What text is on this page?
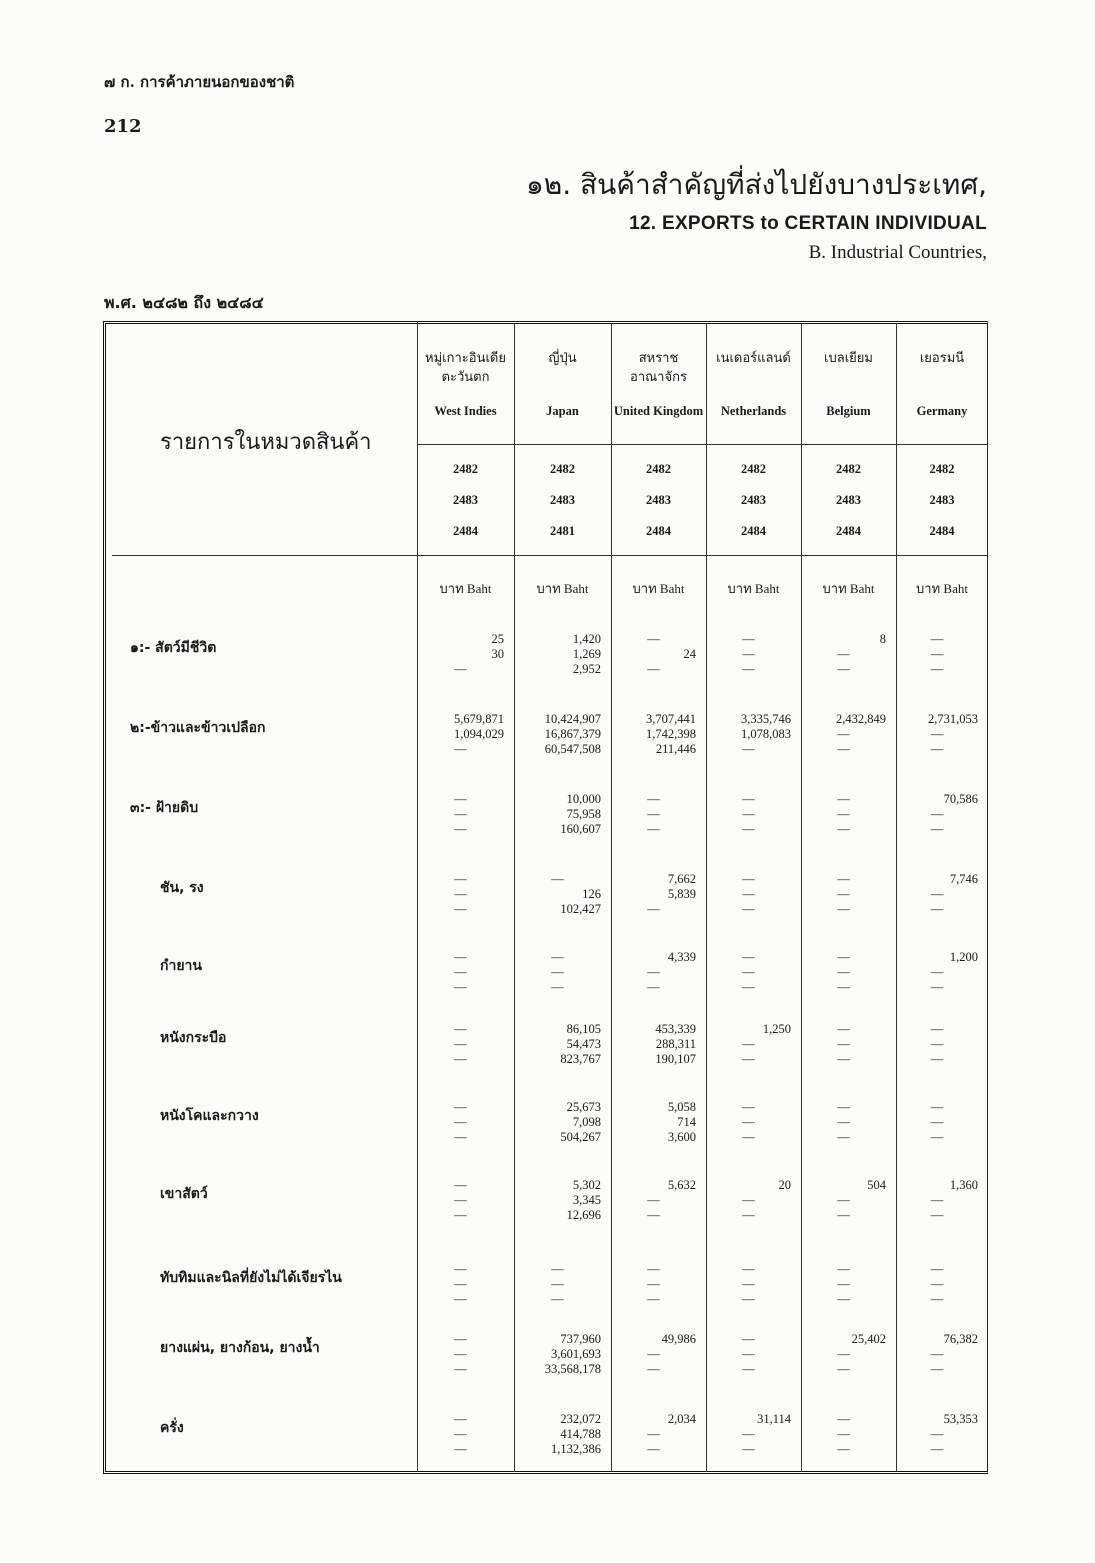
๗ ก. การค้าภายนอกของชาติ
212
๑๒. สินค้าสำคัญที่ส่งไปยังบางประเทศ,
12. EXPORTS to CERTAIN INDIVIDUAL
B. Industrial Countries,
พ.ศ. ๒๔๘๒ ถึง ๒๔๘๔
รายการในหมวดสินค้า
หมู่เกาะอินเดียตะวันตก
West Indies
2482
2483
2484
บาท Baht
ญี่ปุ่น
Japan
2482
2483
2481
บาท Baht
สหราชอาณาจักร
United Kingdom
2482
2483
2484
บาท Baht
เนเดอร์แลนด์
Netherlands
2482
2483
2484
บาท Baht
เบลเยียม
Belgium
2482
2483
2484
บาท Baht
เยอรมนี
Germany
2482
2483
2484
บาท Baht
๑:- สัตว์มีชีวิต
25
30
—
1,420
1,269
2,952
—
24
—
—
—
—
8
—
—
—
—
—
๒:-ข้าวและข้าวเปลือก
5,679,871
1,094,029
—
10,424,907
16,867,379
60,547,508
3,707,441
1,742,398
211,446
3,335,746
1,078,083
—
2,432,849
—
—
2,731,053
—
—
๓:- ฝ้ายดิบ
—
—
—
10,000
75,958
160,607
—
—
—
—
—
—
—
—
—
70,586
—
—
ชัน, รง
—
—
—
—
126
102,427
7,662
5,839
—
—
—
—
—
—
—
7,746
—
—
กำยาน
—
—
—
—
—
—
4,339
—
—
—
—
—
—
—
—
1,200
—
—
หนังกระบือ
—
—
—
86,105
54,473
823,767
453,339
288,311
190,107
1,250
—
—
—
—
—
—
—
—
หนังโคและกวาง
—
—
—
25,673
7,098
504,267
5,058
714
3,600
—
—
—
—
—
—
—
—
—
เขาสัตว์
—
—
—
5,302
3,345
12,696
5,632
—
—
20
—
—
504
—
—
1,360
—
—
ทับทิมและนิลที่ยังไม่ได้เจียรไน
—
—
—
—
—
—
—
—
—
—
—
—
—
—
—
—
—
—
ยางแผ่น, ยางก้อน, ยางน้ำ
—
—
—
737,960
3,601,693
33,568,178
49,986
—
—
—
—
—
25,402
—
—
76,382
—
—
ครั่ง
—
—
—
232,072
414,788
1,132,386
2,034
—
—
31,114
—
—
—
—
—
53,353
—
—
